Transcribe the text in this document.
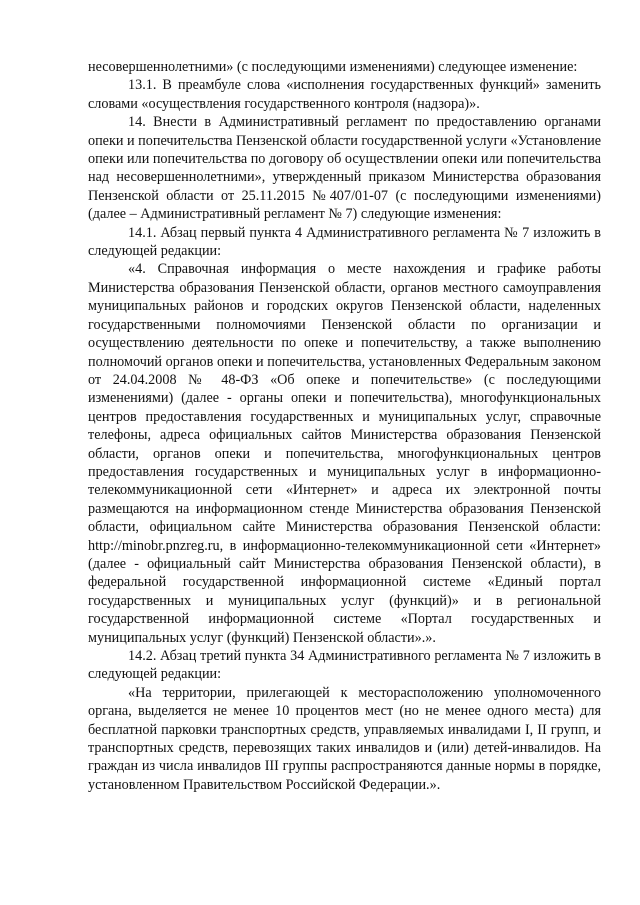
несовершеннолетними» (с последующими изменениями) следующее изменение:

13.1. В преамбуле слова «исполнения государственных функций» заменить словами «осуществления государственного контроля (надзора)».

14. Внести в Административный регламент по предоставлению органами опеки и попечительства Пензенской области государственной услуги «Установление опеки или попечительства по договору об осуществлении опеки или попечительства над несовершеннолетними», утвержденный приказом Министерства образования Пензенской области от 25.11.2015 №407/01-07 (с последующими изменениями) (далее – Административный регламент № 7) следующие изменения:

14.1. Абзац первый пункта 4 Административного регламента № 7 изложить в следующей редакции:

«4. Справочная информация о месте нахождения и графике работы Министерства образования Пензенской области, органов местного самоуправления муниципальных районов и городских округов Пензенской области, наделенных государственными полномочиями Пензенской области по организации и осуществлению деятельности по опеке и попечительству, а также выполнению полномочий органов опеки и попечительства, установленных Федеральным законом от 24.04.2008 № 48-ФЗ «Об опеке и попечительстве» (с последующими изменениями) (далее - органы опеки и попечительства), многофункциональных центров предоставления государственных и муниципальных услуг, справочные телефоны, адреса официальных сайтов Министерства образования Пензенской области, органов опеки и попечительства, многофункциональных центров предоставления государственных и муниципальных услуг в информационно-телекоммуникационной сети «Интернет» и адреса их электронной почты размещаются на информационном стенде Министерства образования Пензенской области, официальном сайте Министерства образования Пензенской области: http://minobr.pnzreg.ru, в информационно-телекоммуникационной сети «Интернет» (далее - официальный сайт Министерства образования Пензенской области), в федеральной государственной информационной системе «Единый портал государственных и муниципальных услуг (функций)» и в региональной государственной информационной системе «Портал государственных и муниципальных услуг (функций) Пензенской области».».

14.2. Абзац третий пункта 34 Административного регламента № 7 изложить в следующей редакции:

«На территории, прилегающей к месторасположению уполномоченного органа, выделяется не менее 10 процентов мест (но не менее одного места) для бесплатной парковки транспортных средств, управляемых инвалидами I, II групп, и транспортных средств, перевозящих таких инвалидов и (или) детей-инвалидов. На граждан из числа инвалидов III группы распространяются данные нормы в порядке, установленном Правительством Российской Федерации.».
